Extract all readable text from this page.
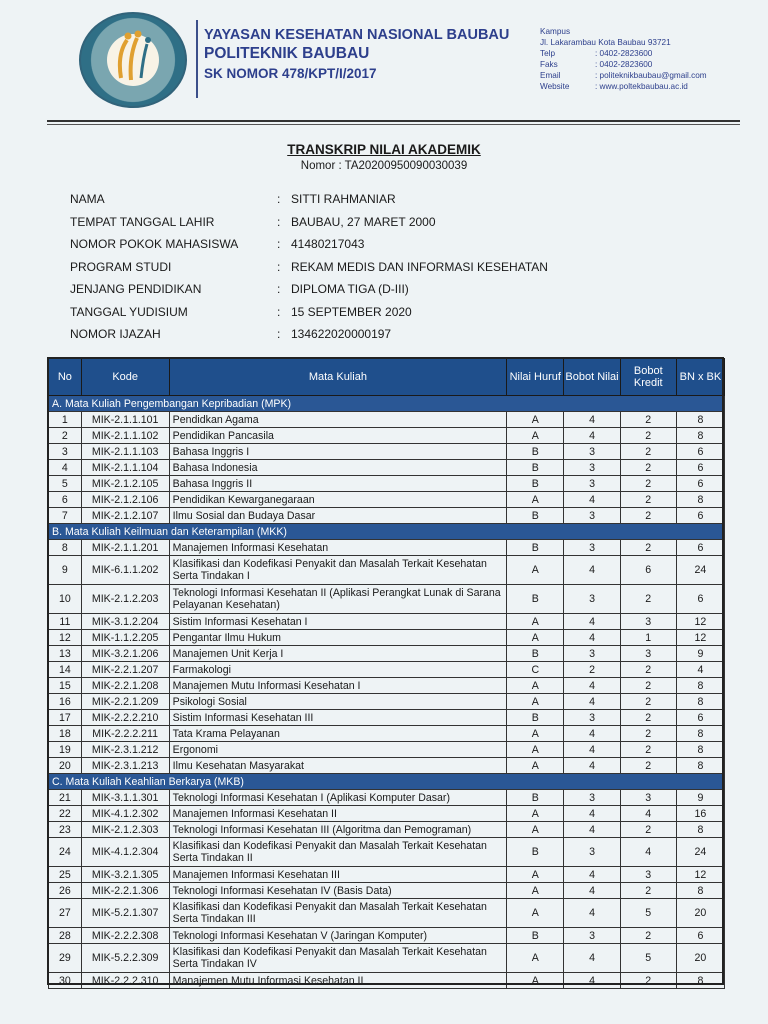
YAYASAN KESEHATAN NASIONAL BAUBAU
POLITEKNIK BAUBAU
SK NOMOR 478/KPT/I/2017
Kampus
Jl. Lakarambau Kota Baubau 93721
Telp	: 0402-2823600
Faks	: 0402-2823600
Email	: politeknikbaubau@gmail.com
Website	: www.poltekbaubau.ac.id
TRANSKRIP NILAI AKADEMIK
Nomor : TA20200950090030039
NAMA	: SITTI RAHMANIAR
TEMPAT TANGGAL LAHIR	: BAUBAU, 27 MARET 2000
NOMOR POKOK MAHASISWA	: 41480217043
PROGRAM STUDI	: REKAM MEDIS DAN INFORMASI KESEHATAN
JENJANG PENDIDIKAN	: DIPLOMA TIGA (D-III)
TANGGAL YUDISIUM	: 15 SEPTEMBER 2020
NOMOR IJAZAH	: 134622020000197
No	Kode	Mata Kuliah	Nilai Huruf	Bobot Nilai	Bobot Kredit	BN x BK
A. Mata Kuliah Pengembangan Kepribadian (MPK)						
1	MIK-2.1.1.101	Pendidkan Agama	A	4	2	8
2	MIK-2.1.1.102	Pendidikan Pancasila	A	4	2	8
3	MIK-2.1.1.103	Bahasa Inggris I	B	3	2	6
4	MIK-2.1.1.104	Bahasa Indonesia	B	3	2	6
5	MIK-2.1.2.105	Bahasa Inggris II	B	3	2	6
6	MIK-2.1.2.106	Pendidikan Kewarganegaraan	A	4	2	8
7	MIK-2.1.2.107	Ilmu Sosial dan Budaya Dasar	B	3	2	6
B. Mata Kuliah Keilmuan dan Keterampilan (MKK)						
8	MIK-2.1.1.201	Manajemen Informasi Kesehatan	B	3	2	6
9	MIK-6.1.1.202	Klasifikasi dan Kodefikasi Penyakit dan Masalah Terkait Kesehatan Serta Tindakan I	A	4	6	24
10	MIK-2.1.2.203	Teknologi Informasi Kesehatan II (Aplikasi Perangkat Lunak di Sarana Pelayanan Kesehatan)	B	3	2	6
11	MIK-3.1.2.204	Sistim Informasi Kesehatan I	A	4	3	12
12	MIK-1.1.2.205	Pengantar Ilmu Hukum	A	4	1	12
13	MIK-3.2.1.206	Manajemen Unit Kerja I	B	3	3	9
14	MIK-2.2.1.207	Farmakologi	C	2	2	4
15	MIK-2.2.1.208	Manajemen Mutu Informasi Kesehatan I	A	4	2	8
16	MIK-2.2.1.209	Psikologi Sosial	A	4	2	8
17	MIK-2.2.2.210	Sistim Informasi Kesehatan III	B	3	2	6
18	MIK-2.2.2.211	Tata Krama Pelayanan	A	4	2	8
19	MIK-2.3.1.212	Ergonomi	A	4	2	8
20	MIK-2.3.1.213	Ilmu Kesehatan Masyarakat	A	4	2	8
C. Mata Kuliah Keahlian Berkarya (MKB)						
21	MIK-3.1.1.301	Teknologi Informasi Kesehatan I (Aplikasi Komputer Dasar)	B	3	3	9
22	MIK-4.1.2.302	Manajemen Informasi Kesehatan II	A	4	4	16
23	MIK-2.1.2.303	Teknologi Informasi Kesehatan III (Algoritma dan Pemograman)	A	4	2	8
24	MIK-4.1.2.304	Klasifikasi dan Kodefikasi Penyakit dan Masalah Terkait Kesehatan Serta Tindakan II	B	3	4	24
25	MIK-3.2.1.305	Manajemen Informasi Kesehatan III	A	4	3	12
26	MIK-2.2.1.306	Teknologi Informasi Kesehatan IV (Basis Data)	A	4	2	8
27	MIK-5.2.1.307	Klasifikasi dan Kodefikasi Penyakit dan Masalah Terkait Kesehatan Serta Tindakan III	A	4	5	20
28	MIK-2.2.2.308	Teknologi Informasi Kesehatan V (Jaringan Komputer)	B	3	2	6
29	MIK-5.2.2.309	Klasifikasi dan Kodefikasi Penyakit dan Masalah Terkait Kesehatan Serta Tindakan IV	A	4	5	20
30	MIK-2.2.2.310	Manajemen Mutu Informasi Kesehatan II	A	4	2	8
